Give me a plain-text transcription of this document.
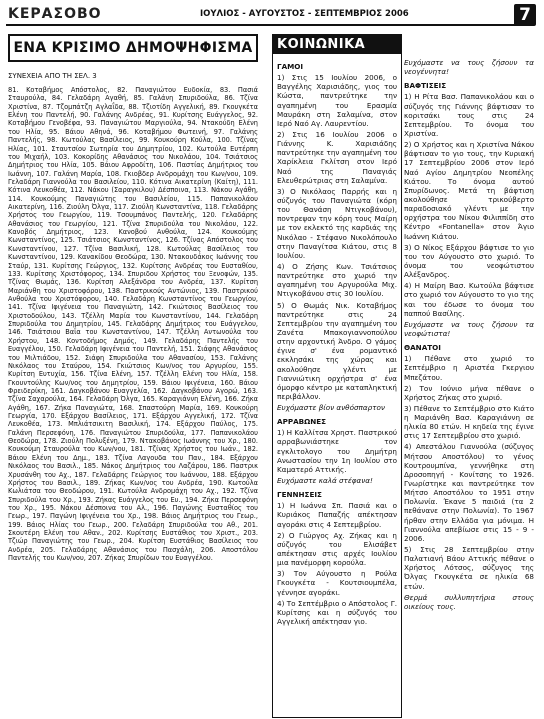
ΚΕΡΑΣΟΒΟ	ΙΟΥΛΙΟΣ - ΑΥΓΟΥΣΤΟΣ - ΣΕΠΤΕΜΒΡΙΟΣ 2006	7
ΕΝΑ ΚΡΙΣΙΜΟ ΔΗΜΟΨΗΦΙΣΜΑ
ΣΥΝΕΧΕΙΑ ΑΠΟ ΤΗ ΣΕΛ. 3

81. Κοταβήμος Απόστολος, 82. Παναγιώτου Ευδοκία, 83. Πασιά Σταυρούλα, 84. Γελαδάρη Αγαθή, 85. Γαλάνη Σπυριδούλα, 86. Τζίνα Χριστίνα, 87. Τζομπάτζη Αγλαΐδα, 88. Τζιοτίδη Αγγελική, 89. Γκουγκέτα Ελένη του Παντελή, 90. Γαλάνης Ανδρέας, 91. Κυρίτσης Ευάγγελος, 92. Κοταβήμου Γενοβέφα, 93. Παναγιώτου Μαργιούλα, 94. Ντακούδη Ελένη του Ηλία, 95. Βάιου Αθηνά, 96. Κοταβήμου Φωτεινή, 97. Γαλάνης Παντελής, 98. Κωτούλας Βασίλειος, 99. Κουκούρη Κούλα, 100. Τζίνας Ηλίας, 101. Σταυτσίου Σωτηρία του Δημητρίου, 102. Κωτούλα Ευτέρπη του Μιχαήλ, 103. Κοκορίδης Αθανάσιος του Νικολάου, 104. Τσιάτσιος Δημήτριος του Ηλία, 105. Βάιου Αφροδίτη, 106. Παστίας Δημήτριος του Ιωάννη, 107. Γαλάνη Μαρία, 108. Γκιοβδερ Ανδρομάχη του Κων/νου, 109. Γελαδάρη Γιαννούλα του Βασιλείου, 110. Κότινα Αικατερίνη (Καίτη), 111. Κότινα Λευκοθέα, 112. Νάκου (Σαραγκιλου) Δέσποινα, 113. Νάκου Αγάθη, 114. Κουκούμης Παναγιώτης του Βασιλείου, 115. Παπανικολάου Αικατερίνη, 116. Ζιούλη Όλγα, 117. Ζιούλη Κωνσταντίνα, 118. Γελαδάρης Χρήστος του Γεωργίου, 119. Τσουμπάνος Παντελής, 120. Γελαδάρης Αθανάσιος του Γεωργίου, 121. Τζίνα Σπυριδούλα του Νικολάου, 122. Κανοβός Δημήτριος, 123. Κανοβού Ανθούλα, 124. Κουκούμης Κωνσταντίνος, 125. Τσιάτσιος Κωνσταντίνος, 126. Τζίνας Απόστολος του Κωνσταντίνου, 127. Τζίνα Βασιλική, 128. Κωτούλας Βασίλειος του Κωνσταντίνου, 129. Κανακίδου Θεοδώρα, 130. Ντακουδάκος Ιωάννης του Σταύρ, 131. Κυρίτσης Γεώργιος, 132. Κυρίτσης Ανδρέας του Ευσταθίου, 133. Κυρίτσης Χριστόφορος, 134. Σπυριδου Χρήστος του Ξενοφών, 135. Τζίνας Θωμάς, 136. Κυρίτση Αλεξάνδρα του Ανδρέα, 137. Κυρίτση Μαριάνθη του Χριστοφόρου, 138. Παστρικούς Αντώνιος, 139. Παστρικού Ανθούλα του Χριστόφορου, 140. Γελαδάρη Κωνσταντίνος του Γεωργίου, 141. Τζίνα Ιφιγένεια του Παναγιώτη, 142. Γκιώτσιος Βασίλειος του Χριστοδούλου, 143. Τζέλλη Μαρία του Κωνσταντίνου, 144. Γελαδάρη Σπυριδούλα του Δημητρίου, 145. Γελαδάρης Δημήτριος του Ευάγγελου, 146. Τσιάτσιου Βαϊα του Κωνσταντίνου, 147. Τζέλλη Αντωνούλα του Χρήστου, 148. Κοντοδήμος Δημός, 149. Γελαδάρης Παντελής του Ευαγγέλου, 150. Γελαδάρη Ιφιγένεια του Παντελή, 151. Σιάφης Αθανάσιος του Μιλτιάδου, 152. Σιάφη Σπυριδούλα του Αθανασίου, 153. Γαλάνης Νικόλαος του Σταύρου, 154. Γκιώτσιος Κων/νος του Αργυρίου, 155. Κυρίτση Ευτυχία, 156. Τζίνα Ελένη, 157. Τζέλλη Ελένη του Ηλία, 158. Γκουντούλης Κων/νος του Δημητρίου, 159. Βάιου Ιφιγένεια, 160. Βάιου Φρειδερίκη, 161. Δαγκοβάνου Ευαγγελία, 162. Δαγκοβάνου Αγορώ, 163. Τζίνα Σαχαρούλα, 164. Γελαδάρη Όλγα, 165. Καραγιάννη Ελένη, 166. Ζήκα Αγάθη, 167. Ζήκα Παναγιώτα, 168. Σπαστούρη Μαρία, 169. Κουκούρη Γεωργία, 170. Εξάρχου Βασίλειος, 171. Εξάρχου Αγγελική, 172. Τζίνα Λευκοθέα, 173. Μπλιάτσικιτη Βασιλική, 174. Εξάρχου Παύλος, 175. Γαλάνη Περσεφόνη, 176. Παναγιώτου Σπυριδούλα, 177. Παπανικολάου Θεοδώρα, 178. Ζιούλη Πολυξένη, 179. Ντακοβάνος Ιωάννης του Χρ., 180. Κουκούμη Σταυρούλα του Κων/νου, 181. Τζίνας Χρήστος του Ιωάν., 182. Βάιου Ελένη του Δημ., 183. Τζίνα Λαγουδα του Παν., 184. Εξάρχου Νικόλαος του Βασιλ., 185. Νάκος Δημήτριος του Λαζάρου, 186. Παστρικ Χρυσάνθη του Αχ., 187. Γελαδάρης Γεώργιος του Ιωάννου, 188. Εξάρχου Χρήστος του Βασιλ., 189. Ζήκας Κων/νος του Ανδρέα, 190. Κωτούλα Κωλιάτσα του Θεοδώρου, 191. Κωτούλα Ανδρομάχη του Αχ., 192. Τζίνα Σπυριδούλα του Χρ., 193. Ζήκας Ευάγγελος του Ευ., 194. Ζήκα Περσεφόνη του Χρ., 195. Νάκου Δέσποινα του Αλ., 196. Παγώνης Ευσταθίος του Γεωρ., 197. Παγώνη Ιφιγένεια του Χρ., 198. Βάιος Δημήτριος του Γεωρ., 199. Βάιος Ηλίας του Γεωρ., 200. Γελαδάρη Σπυριδούλα του Αθ., 201. Σκουτέρη Ελένη του Αθαν., 202. Κυρίτσης Ευστάθιος του Χριστ., 203. Τζιώρ Παναγιώτης του Γεωρ., 204. Κυρίτση Ευστάθιος Βασίλειος του Ανδρέα, 205. Γελαδάρης Αθανάσιος του Πασχάλη, 206. Αποστόλου Παντελής του Κων/νου, 207. Ζήκας Σπυρίδων του Ευαγγέλου.

ΚΟΙΝΩΝΙΚΑ
ΓΑΜΟΙ

1) Στις 15 Ιουλίου 2006, ο Βαγγέλης Χαρισιάδης, γιος του Κώστα, παντρεύτηκε την αγαπημένη του Ερασμία Μαυράκη στη Σαλαμίνα, στον Ιερό Ναό Αγ. Λαυρεντίου.

2) Στις 16 Ιουλίου 2006 ο Γιάννης Κ. Χαρισιάδης παντρεύτηκε την αγαπημένη του Χαρίκλεια Γκλίτση στον Ιερό Ναό της Παναγιάς Ελευθερώτριας στη Σαλαμίνα.

3) Ο Νικόλαος Παρρής και η σύζυγός του Παναγιώτα (κόρη του Θανάση Ντιγκοβάνου), ποντρεψαν την κόρη τους Μαίρη με τον εκλεκτό της καρδιάς της Νικόλαο - Στέφανο Νικολόπουλο στην Παναγίτσα Κιάτου, στις 8 Ιουλίου.

4) Ο Ζήσης Κων. Τσιάτσιος παντρεύτηκε στο χωριό την αγαπημένη του Αργυρούλα Μιχ. Ντιγκοβάνου στις 30 Ιουλίου.

5) Ο Θωμάς Νικ. Κοταβήμος παντρεύτηκε στις 24 Σεπτεμβρίου την αγαπημένη του Ζανέτα Μπακογιαννοπούλου στην αρχοντική Άνδρο. Ο γάμος έγινε σ' ένα ρομαντικό εκκλησάκι της χώρας και ακολούθησε γλέντι με Γιαννιώτικη ορχήστρα σ' ένα όμορφο κέντρο με καταπληκτική περιβάλλον.

Ευχόμαστε βίον ανθόσπαρτον

ΑΡΡΑΒΩΝΕΣ

1) Η Καλλίτσα Χρηστ. Παστρικού αρραβωνιάστηκε τον εγκλιτολογο του Δημήτρη Ανωστασίου την 1η Ιουλίου στο Καματερό Αττικής.

Ευχόμαστε καλά στέφανα!

ΓΕΝΝΗΣΕΙΣ

1) Η Ιωάννα Σπ. Πασιά και ο Κυριάκος Παπαζής απέκτησαν αγοράκι στις 4 Σεπτεμβρίου.

2) Ο Γιώργος Αχ. Ζήκας και η σύζυγός του Ελισάβετ απέκτησαν στις αρχές Ιουλίου μια πανέμορφη κορούλα.

3) Τον Αύγουστο η Ρούλα Γκουγκέτα - Κουτσιουμπέλα, γέννησε αγοράκι.

4) Το Σεπτέμβριο ο Απόστολος Γ. Κυρίτσης και η σύζυγός του Αγγελική απέκτησαν γιο.

Ευχόμαστε να τους ζήσουν τα νεογέννητα!

ΒΑΦΤΙΣΕΙΣ

1) Η Ρίτα Βασ. Παπανικολάου και ο σύζυγός της Γιάννης βάφτισαν το κοριτσάκι τους στις 24 Σεπτεμβρίου. Το όνομα του Χριστίνα.

2) Ο Χρήστος και η Χριστίνα Νάκου βάφτισαν το γιο τους, την Κυριακή 17 Σεπτεμβρίου 2006 στον Ιερό Ναό Αγίου Δημητρίου Νεοπέλης Κιάτου. Το όνομα αυτού Σπυρίδωνος. Μετά τη βάφτιση ακολούθησε τρικούβερτο παραδοσιακό γλέντι με την ορχήστρα του Νίκου Φιλιππίδη στο Κέντρο «Fontanella» στον Άγιο Ιωάννη Κιάτου.

3) Ο Νίκος Εξάρχου βάφτισε το γιο του τον Αύγουστο στο χωριό. Το όνομα του νεοφώτιστου Αλέξανδρος.

4) Η Μαίρη Βασ. Κωτούλα βάφτισε στο χωριό τον Αύγουστο το γιο της και του έδωσε το όνομα του παππού Βασίλης.

Ευχόμαστε να τους ζήσουν τα νεοφώτιστα!

ΘΑΝΑΤΟΙ

1) Πέθανε στο χωριό το Σεπτέμβριο η Αριστέα Γκεργιου Μπεζάτου.

2) Τον Ιούνιο μήνα πέθανε ο Χρήστος Ζήκας στο χωριό.

3) Πέθανε το Σεπτέμβριο στο Κιάτο η Μαριάνθη Βασ. Καραγιάννη σε ηλικία 80 ετών. Η κηδεία της έγινε στις 17 Σεπτεμβρίου στο χωριό.

4) Απεστάλου Γιαννούλα (σύζυγος Μήτσου Αποστόλου) το γένος Κουτρουμπίνα, γεννήθηκε στη Δροσοπηγή - Κονίτσης το 1926. Γνωρίστηκε και παντρεύτηκε τον Μήτσο Αποστόλου το 1951 στην Πολωνία. Έκανε 5 παιδιά (τα 2 πεθάνανε στην Πολωνία). Το 1967 ήρθαν στην Ελλάδα για μόνιμα. Η Γιαννούλα απεβίωσε στις 15 - 9 - 2006.

5) Στις 28 Σεπτεμβρίου στην Παλατιανή Βάου Αττικής πέθανε ο Χρήστος Λότσος, σύζυγος της Όλγας Γκουγκέτα σε ηλικία 68 ετών.

Θερμά συλλυπητήρια στους οικείους τους.
